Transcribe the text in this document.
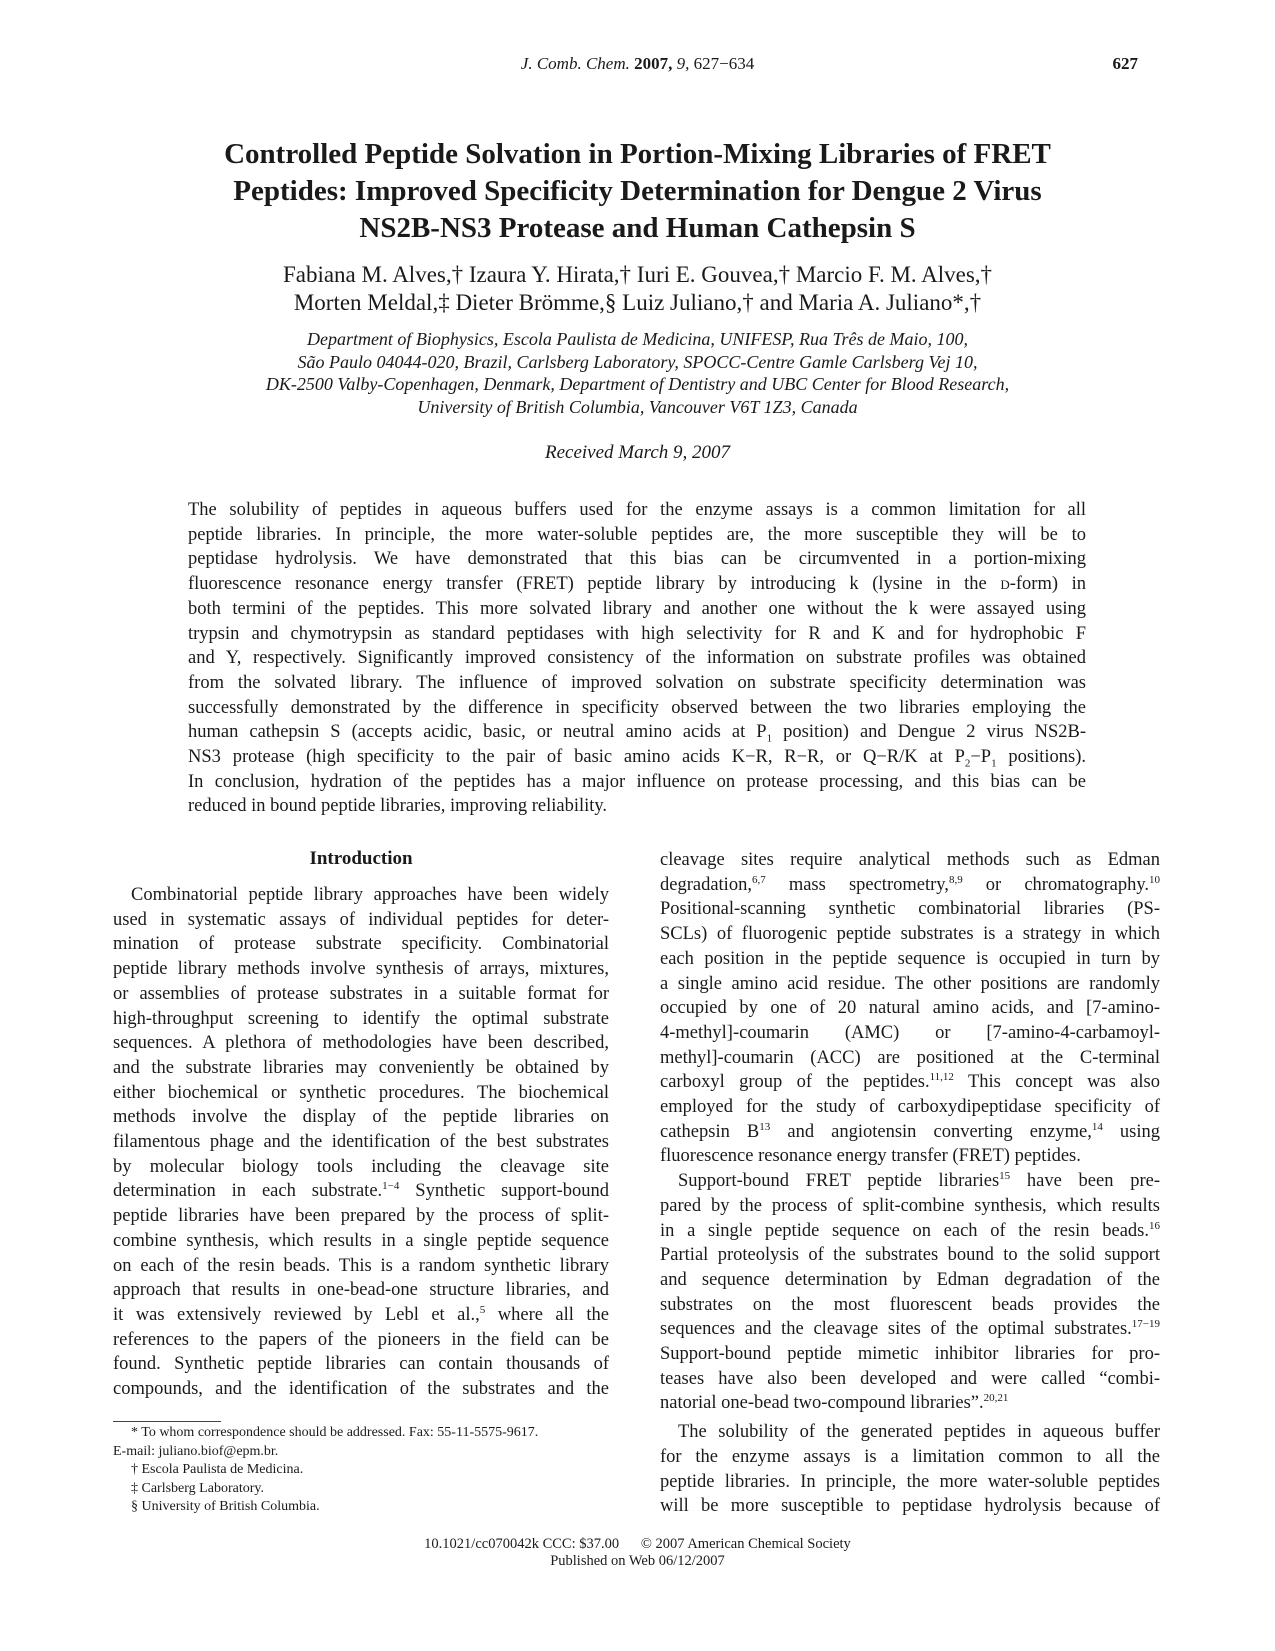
J. Comb. Chem. 2007, 9, 627−634	627
Controlled Peptide Solvation in Portion-Mixing Libraries of FRET
Peptides: Improved Specificity Determination for Dengue 2 Virus
NS2B-NS3 Protease and Human Cathepsin S
Fabiana M. Alves,† Izaura Y. Hirata,† Iuri E. Gouvea,† Marcio F. M. Alves,†
Morten Meldal,‡ Dieter Brömme,§ Luiz Juliano,† and Maria A. Juliano*,†
Department of Biophysics, Escola Paulista de Medicina, UNIFESP, Rua Três de Maio, 100,
São Paulo 04044-020, Brazil, Carlsberg Laboratory, SPOCC-Centre Gamle Carlsberg Vej 10,
DK-2500 Valby-Copenhagen, Denmark, Department of Dentistry and UBC Center for Blood Research,
University of British Columbia, Vancouver V6T 1Z3, Canada
Received March 9, 2007
The solubility of peptides in aqueous buffers used for the enzyme assays is a common limitation for all
peptide libraries. In principle, the more water-soluble peptides are, the more susceptible they will be to
peptidase hydrolysis. We have demonstrated that this bias can be circumvented in a portion-mixing
fluorescence resonance energy transfer (FRET) peptide library by introducing k (lysine in the d-form) in
both termini of the peptides. This more solvated library and another one without the k were assayed using
trypsin and chymotrypsin as standard peptidases with high selectivity for R and K and for hydrophobic F
and Y, respectively. Significantly improved consistency of the information on substrate profiles was obtained
from the solvated library. The influence of improved solvation on substrate specificity determination was
successfully demonstrated by the difference in specificity observed between the two libraries employing the
human cathepsin S (accepts acidic, basic, or neutral amino acids at $P_1$ position) and Dengue 2 virus NS2B-
NS3 protease (high specificity to the pair of basic amino acids K−R, R−R, or Q−R/K at $P_2-P_1$ positions).
In conclusion, hydration of the peptides has a major influence on protease processing, and this bias can be
reduced in bound peptide libraries, improving reliability.
Introduction
Combinatorial peptide library approaches have been widely
used in systematic assays of individual peptides for deter-
mination of protease substrate specificity. Combinatorial
peptide library methods involve synthesis of arrays, mixtures,
or assemblies of protease substrates in a suitable format for
high-throughput screening to identify the optimal substrate
sequences. A plethora of methodologies have been described,
and the substrate libraries may conveniently be obtained by
either biochemical or synthetic procedures. The biochemical
methods involve the display of the peptide libraries on
filamentous phage and the identification of the best substrates
by molecular biology tools including the cleavage site
determination in each substrate.$^{1-4}$ Synthetic support-bound
peptide libraries have been prepared by the process of split-
combine synthesis, which results in a single peptide sequence
on each of the resin beads. This is a random synthetic library
approach that results in one-bead-one structure libraries, and
it was extensively reviewed by Lebl et al.,$^5$ where all the
references to the papers of the pioneers in the field can be
found. Synthetic peptide libraries can contain thousands of
compounds, and the identification of the substrates and the
* To whom correspondence should be addressed. Fax: 55-11-5575-9617.
E-mail: juliano.biof@epm.br.
† Escola Paulista de Medicina.
‡ Carlsberg Laboratory.
§ University of British Columbia.
cleavage sites require analytical methods such as Edman
degradation,$^{6,7}$ mass spectrometry,$^{8,9}$ or chromatography.$^{10}$
Positional-scanning synthetic combinatorial libraries (PS-
SCLs) of fluorogenic peptide substrates is a strategy in which
each position in the peptide sequence is occupied in turn by
a single amino acid residue. The other positions are randomly
occupied by one of 20 natural amino acids, and [7-amino-
4-methyl]-coumarin (AMC) or [7-amino-4-carbamoyl-
methyl]-coumarin (ACC) are positioned at the C-terminal
carboxyl group of the peptides.$^{11,12}$ This concept was also
employed for the study of carboxydipeptidase specificity of
cathepsin $B^{13}$ and angiotensin converting enzyme,$^{14}$ using
fluorescence resonance energy transfer (FRET) peptides.
Support-bound FRET peptide libraries$^{15}$ have been pre-
pared by the process of split-combine synthesis, which results
in a single peptide sequence on each of the resin beads.$^{16}$
Partial proteolysis of the substrates bound to the solid support
and sequence determination by Edman degradation of the
substrates on the most fluorescent beads provides the
sequences and the cleavage sites of the optimal substrates.$^{17-19}$
Support-bound peptide mimetic inhibitor libraries for pro-
teases have also been developed and were called “combi-
natorial one-bead two-compound libraries”.$^{20,21}$
The solubility of the generated peptides in aqueous buffer
for the enzyme assays is a limitation common to all the
peptide libraries. In principle, the more water-soluble peptides
will be more susceptible to peptidase hydrolysis because of
10.1021/cc070042k CCC: $37.00      © 2007 American Chemical Society
Published on Web 06/12/2007
